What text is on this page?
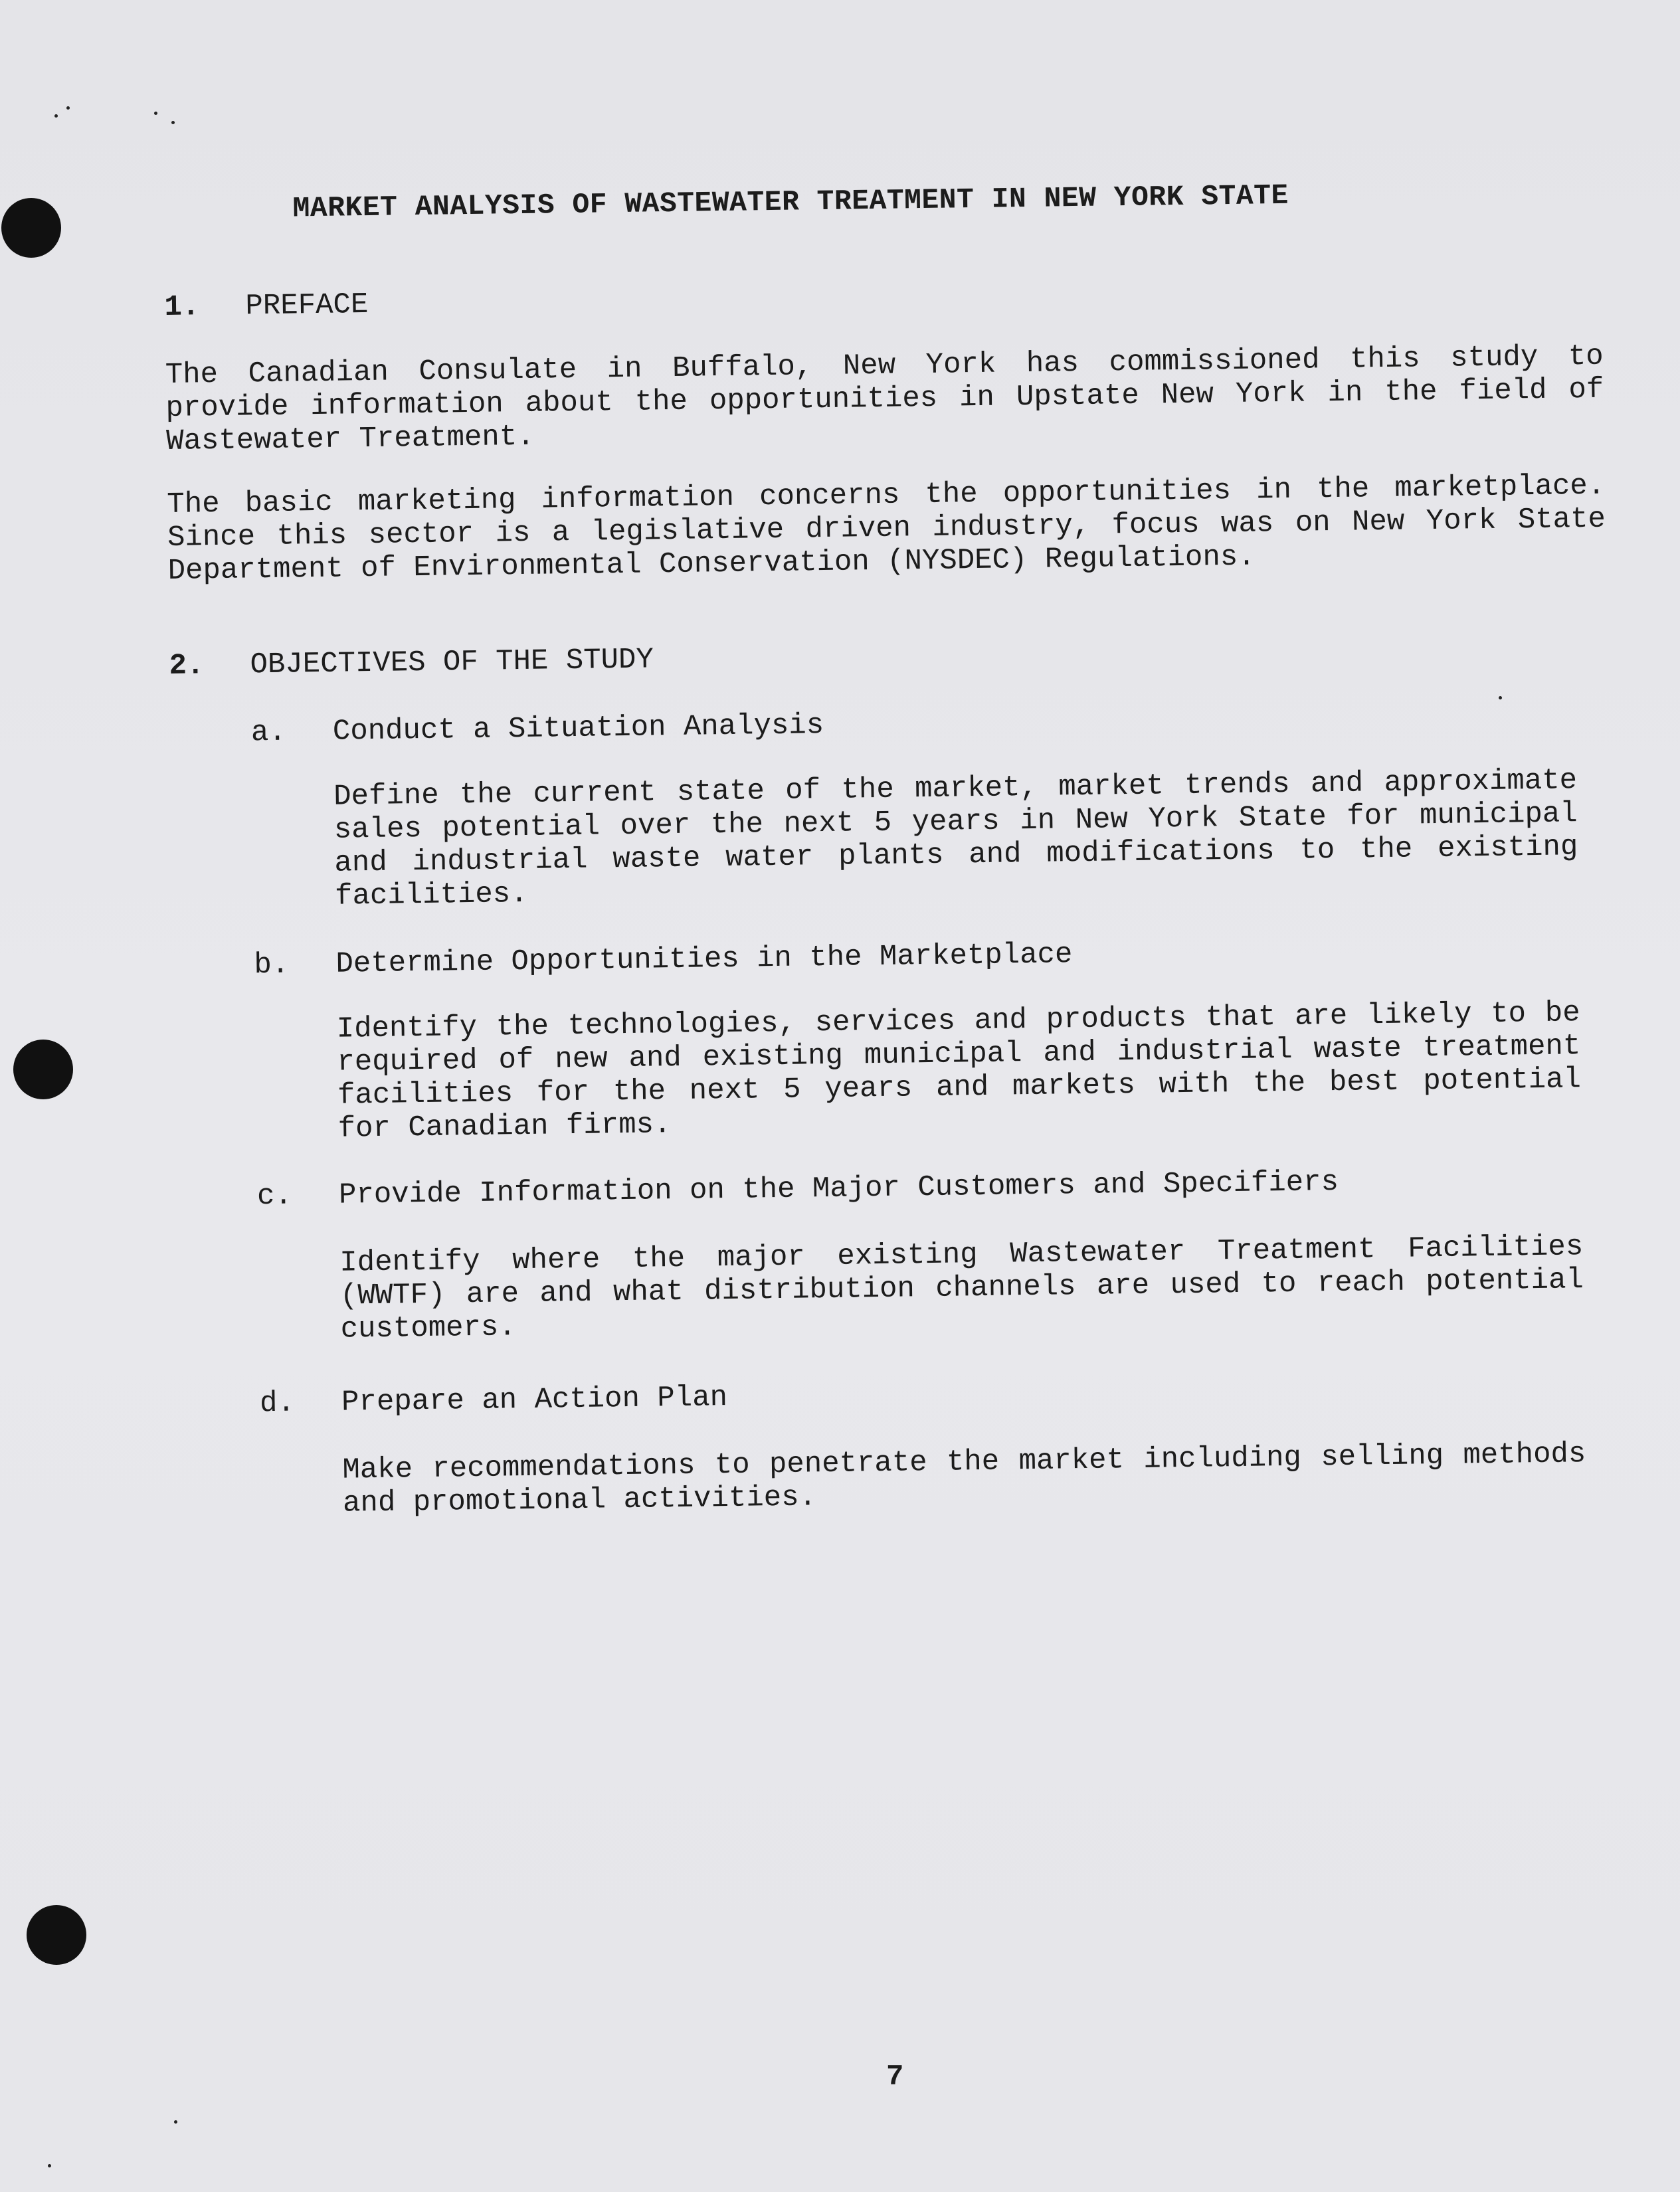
MARKET ANALYSIS OF WASTEWATER TREATMENT IN NEW YORK STATE
1. PREFACE
The Canadian Consulate in Buffalo, New York has commissioned this study to provide information about the opportunities in Upstate New York in the field of Wastewater Treatment.
The basic marketing information concerns the opportunities in the marketplace. Since this sector is a legislative driven industry, focus was on New York State Department of Environmental Conservation (NYSDEC) Regulations.
2. OBJECTIVES OF THE STUDY
a. Conduct a Situation Analysis
Define the current state of the market, market trends and approximate sales potential over the next 5 years in New York State for municipal and industrial waste water plants and modifications to the existing facilities.
b. Determine Opportunities in the Marketplace
Identify the technologies, services and products that are likely to be required of new and existing municipal and industrial waste treatment facilities for the next 5 years and markets with the best potential for Canadian firms.
c. Provide Information on the Major Customers and Specifiers
Identify where the major existing Wastewater Treatment Facilities (WWTF) are and what distribution channels are used to reach potential customers.
d. Prepare an Action Plan
Make recommendations to penetrate the market including selling methods and promotional activities.
7
